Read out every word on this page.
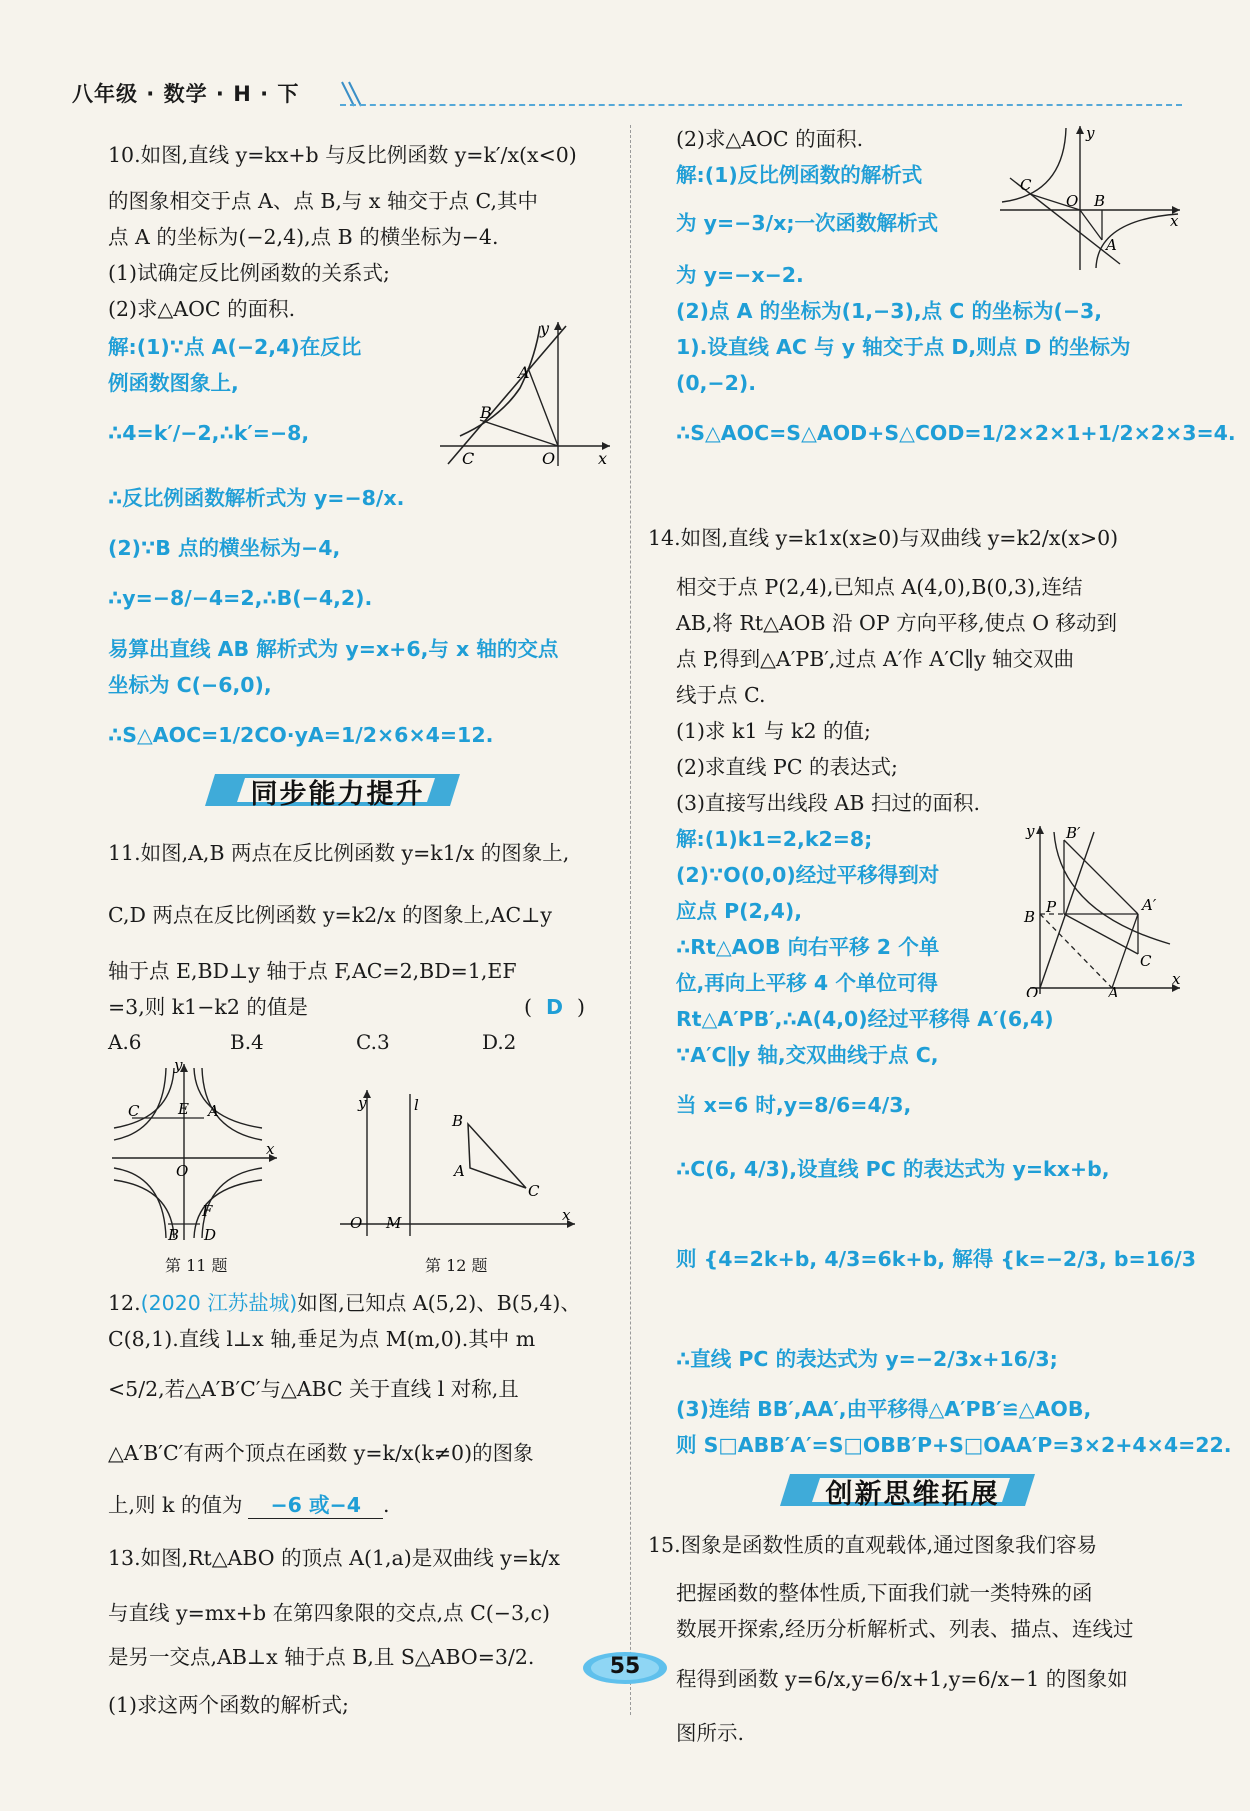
八年级 · 数学 · H · 下
10.如图,直线 y=kx+b 与反比例函数 y=k′/x(x<0)
的图象相交于点 A、点 B,与 x 轴交于点 C,其中
点 A 的坐标为(−2,4),点 B 的横坐标为−4.
(1)试确定反比例函数的关系式;
(2)求△AOC 的面积.
解:(1)∵点 A(−2,4)在反比
例函数图象上,
∴4=k′/−2,∴k′=−8,
∴反比例函数解析式为 y=−8/x.
(2)∵B 点的横坐标为−4,
∴y=−8/−4=2,∴B(−4,2).
易算出直线 AB 解析式为 y=x+6,与 x 轴的交点
坐标为 C(−6,0),
∴S△AOC=1/2CO·yA=1/2×6×4=12.
A
B
C	O	x
y
同步能力提升
11.如图,A,B 两点在反比例函数 y=k1/x 的图象上,
C,D 两点在反比例函数 y=k2/x 的图象上,AC⊥y
轴于点 E,BD⊥y 轴于点 F,AC=2,BD=1,EF
=3,则 k1−k2 的值是	( D )
A.6	B.4	C.3	D.2
C	E A
O
x
y
B
F
D
第 11 题
y	l
B
A
C
O M	x
第 12 题
12.(2020 江苏盐城)如图,已知点 A(5,2)、B(5,4)、
C(8,1).直线 l⊥x 轴,垂足为点 M(m,0).其中 m
<5/2,若△A′B′C′与△ABC 关于直线 l 对称,且
△A′B′C′有两个顶点在函数 y=k/x(k≠0)的图象
上,则 k 的值为 −6 或−4 .
13.如图,Rt△ABO 的顶点 A(1,a)是双曲线 y=k/x
与直线 y=mx+b 在第四象限的交点,点 C(−3,c)
是另一交点,AB⊥x 轴于点 B,且 S△ABO=3/2.
(1)求这两个函数的解析式;
(2)求△AOC 的面积.
解:(1)反比例函数的解析式
为 y=−3/x;一次函数解析式
为 y=−x−2.
(2)点 A 的坐标为(1,−3),点 C 的坐标为(−3,
1).设直线 AC 与 y 轴交于点 D,则点 D 的坐标为
(0,−2).
∴S△AOC=S△AOD+S△COD=1/2×2×1+1/2×2×3=4.
C
O B
A
y
x
14.如图,直线 y=k1x(x≥0)与双曲线 y=k2/x(x>0)
相交于点 P(2,4),已知点 A(4,0),B(0,3),连结
AB,将 Rt△AOB 沿 OP 方向平移,使点 O 移动到
点 P,得到△A′PB′,过点 A′作 A′C∥y 轴交双曲
线于点 C.
(1)求 k1 与 k2 的值;
(2)求直线 PC 的表达式;
(3)直接写出线段 AB 扫过的面积.
解:(1)k1=2,k2=8;
(2)∵O(0,0)经过平移得到对
应点 P(2,4),
∴Rt△AOB 向右平移 2 个单
位,再向上平移 4 个单位可得
Rt△A′PB′,∴A(4,0)经过平移得 A′(6,4)
∵A′C∥y 轴,交双曲线于点 C,
当 x=6 时,y=8/6=4/3,
∴C(6, 4/3),设直线 PC 的表达式为 y=kx+b,
则 {4=2k+b, 4/3=6k+b, 解得 {k=−2/3, b=16/3
∴直线 PC 的表达式为 y=−2/3x+16/3;
(3)连结 BB′,AA′,由平移得△A′PB′≌△AOB,
则 S□ABB′A′=S□OBB′P+S□OAA′P=3×2+4×4=22.
B′
P	A′
B
C
O	A
x
y
创新思维拓展
15.图象是函数性质的直观载体,通过图象我们容易
把握函数的整体性质,下面我们就一类特殊的函
数展开探索,经历分析解析式、列表、描点、连线过
程得到函数 y=6/x,y=6/x+1,y=6/x−1 的图象如
图所示.
55
